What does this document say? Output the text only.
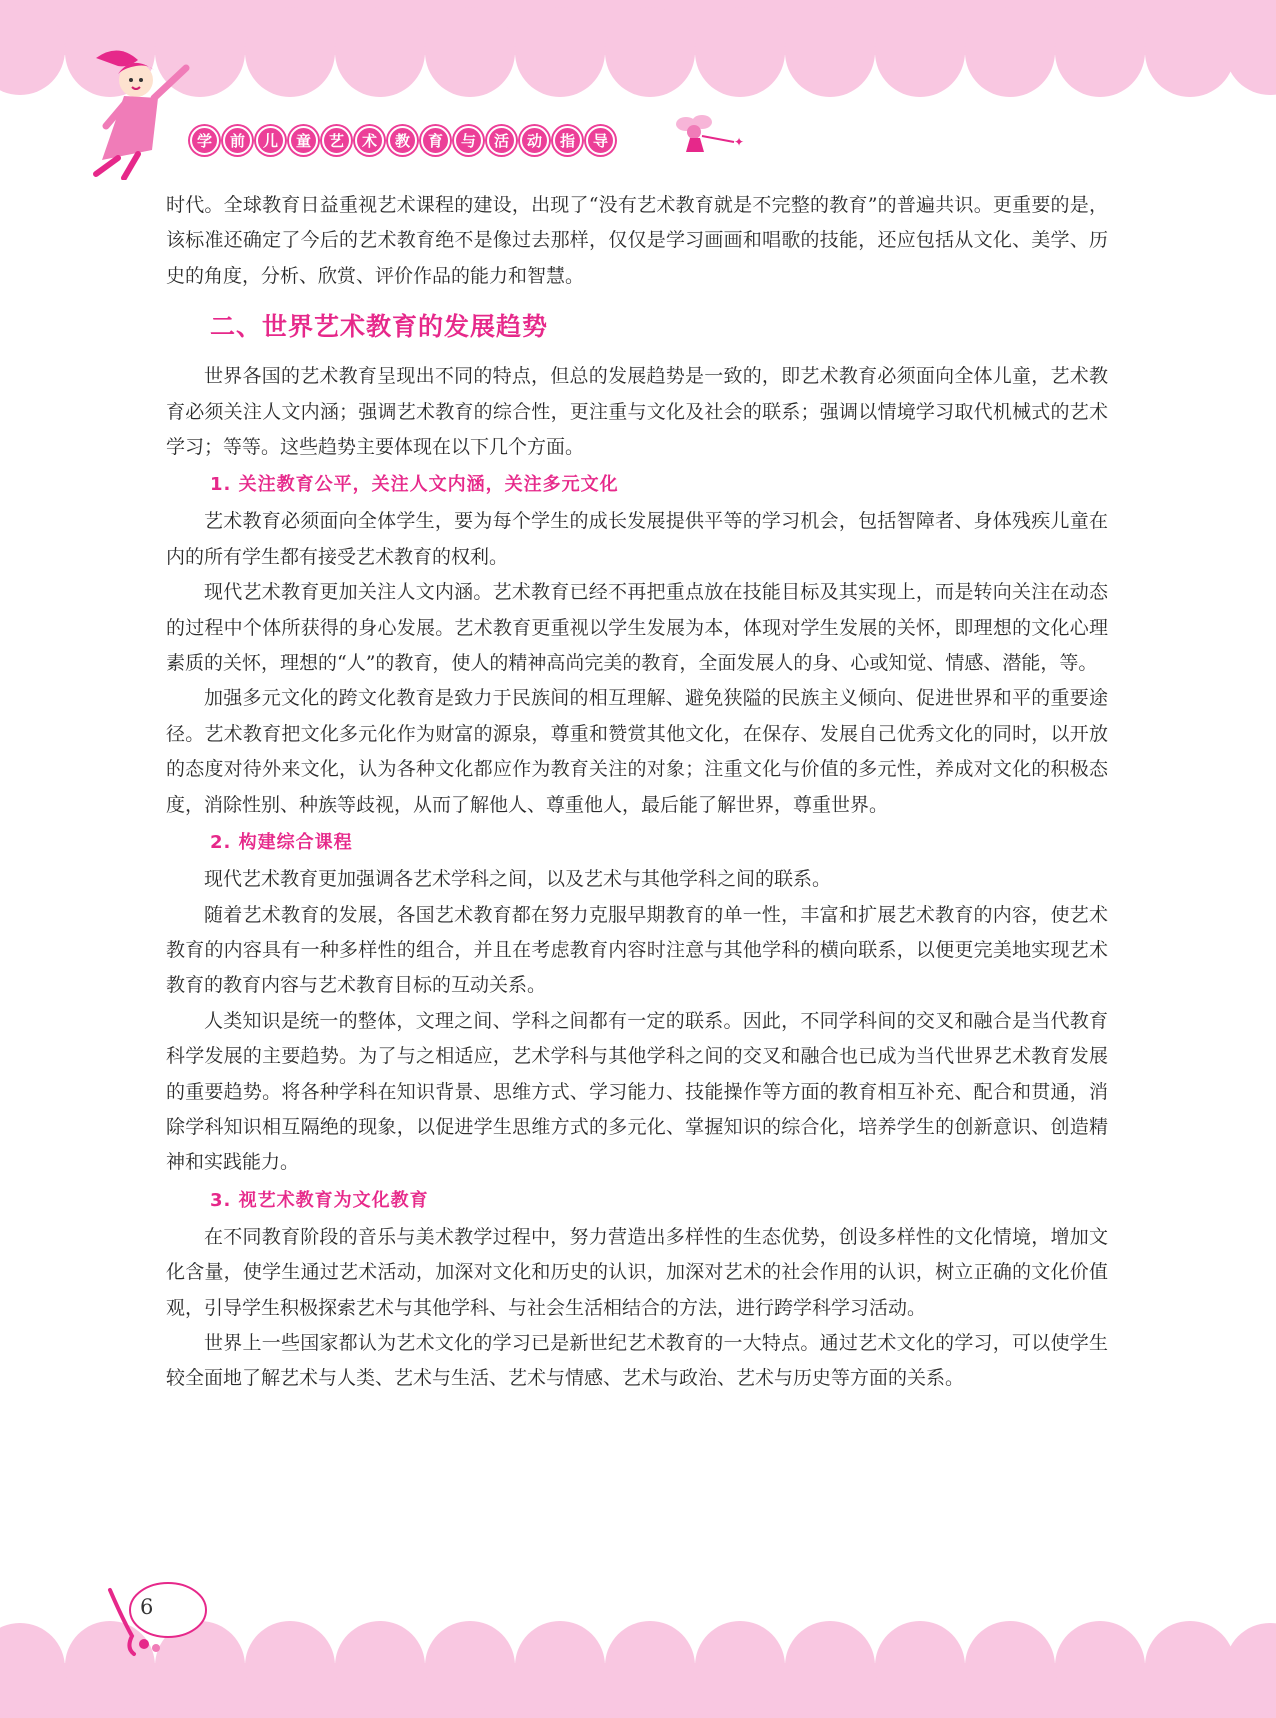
学	前	儿	童	艺	术	教	育	与	活	动	指	导	✦

时代。全球教育日益重视艺术课程的建设，出现了“没有艺术教育就是不完整的教育”的普遍共识。更重要的是，该标准还确定了今后的艺术教育绝不是像过去那样，仅仅是学习画画和唱歌的技能，还应包括从文化、美学、历史的角度，分析、欣赏、评价作品的能力和智慧。

二、世界艺术教育的发展趋势

世界各国的艺术教育呈现出不同的特点，但总的发展趋势是一致的，即艺术教育必须面向全体儿童，艺术教育必须关注人文内涵；强调艺术教育的综合性，更注重与文化及社会的联系；强调以情境学习取代机械式的艺术学习；等等。这些趋势主要体现在以下几个方面。

1. 关注教育公平，关注人文内涵，关注多元文化

艺术教育必须面向全体学生，要为每个学生的成长发展提供平等的学习机会，包括智障者、身体残疾儿童在内的所有学生都有接受艺术教育的权利。

现代艺术教育更加关注人文内涵。艺术教育已经不再把重点放在技能目标及其实现上，而是转向关注在动态的过程中个体所获得的身心发展。艺术教育更重视以学生发展为本，体现对学生发展的关怀，即理想的文化心理素质的关怀，理想的“人”的教育，使人的精神高尚完美的教育，全面发展人的身、心或知觉、情感、潜能，等。

加强多元文化的跨文化教育是致力于民族间的相互理解、避免狭隘的民族主义倾向、促进世界和平的重要途径。艺术教育把文化多元化作为财富的源泉，尊重和赞赏其他文化，在保存、发展自己优秀文化的同时，以开放的态度对待外来文化，认为各种文化都应作为教育关注的对象；注重文化与价值的多元性，养成对文化的积极态度，消除性别、种族等歧视，从而了解他人、尊重他人，最后能了解世界，尊重世界。

2. 构建综合课程

现代艺术教育更加强调各艺术学科之间，以及艺术与其他学科之间的联系。

随着艺术教育的发展，各国艺术教育都在努力克服早期教育的单一性，丰富和扩展艺术教育的内容，使艺术教育的内容具有一种多样性的组合，并且在考虑教育内容时注意与其他学科的横向联系，以便更完美地实现艺术教育的教育内容与艺术教育目标的互动关系。

人类知识是统一的整体，文理之间、学科之间都有一定的联系。因此，不同学科间的交叉和融合是当代教育科学发展的主要趋势。为了与之相适应，艺术学科与其他学科之间的交叉和融合也已成为当代世界艺术教育发展的重要趋势。将各种学科在知识背景、思维方式、学习能力、技能操作等方面的教育相互补充、配合和贯通，消除学科知识相互隔绝的现象，以促进学生思维方式的多元化、掌握知识的综合化，培养学生的创新意识、创造精神和实践能力。

3. 视艺术教育为文化教育

在不同教育阶段的音乐与美术教学过程中，努力营造出多样性的生态优势，创设多样性的文化情境，增加文化含量，使学生通过艺术活动，加深对文化和历史的认识，加深对艺术的社会作用的认识，树立正确的文化价值观，引导学生积极探索艺术与其他学科、与社会生活相结合的方法，进行跨学科学习活动。

世界上一些国家都认为艺术文化的学习已是新世纪艺术教育的一大特点。通过艺术文化的学习，可以使学生较全面地了解艺术与人类、艺术与生活、艺术与情感、艺术与政治、艺术与历史等方面的关系。

6
